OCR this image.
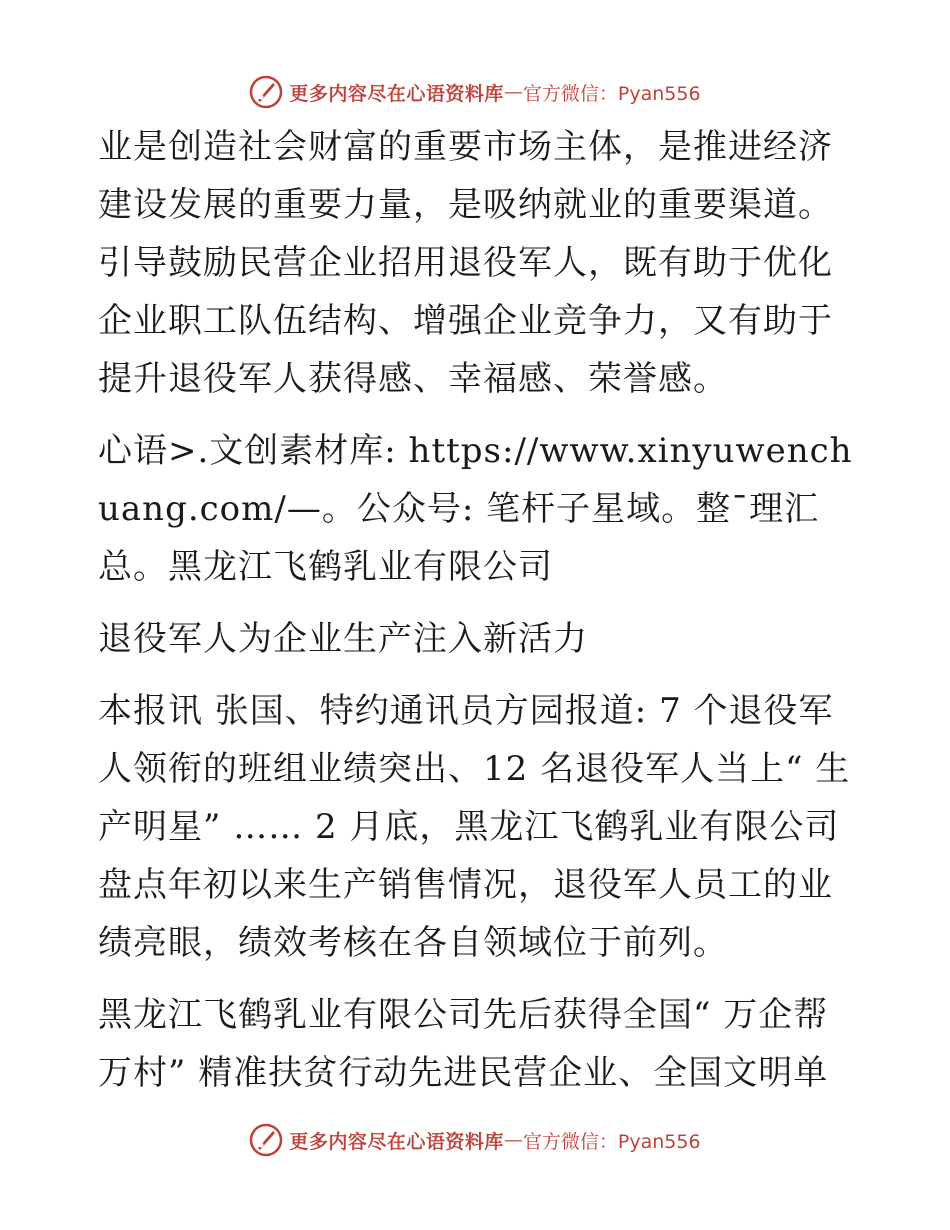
更多内容尽在心语资料库 — 官方微信：Pyan556

业是创造社会财富的重要市场主体，是推进经济建设发展的重要力量，是吸纳就业的重要渠道。引导鼓励民营企业招用退役军人，既有助于优化企业职工队伍结构、增强企业竞争力，又有助于提升退役军人获得感、幸福感、荣誉感。

心语>.文创素材库: https://www.xinyuwenchuang.com/—。公众号: 笔杆子星域。整¯理汇总。黑龙江飞鹤乳业有限公司

退役军人为企业生产注入新活力

本报讯 张国、特约通讯员方园报道: 7 个退役军人领衔的班组业绩突出、12 名退役军人当上“ 生产明星” …… 2 月底，黑龙江飞鹤乳业有限公司盘点年初以来生产销售情况，退役军人员工的业绩亮眼，绩效考核在各自领域位于前列。

黑龙江飞鹤乳业有限公司先后获得全国“ 万企帮万村” 精准扶贫行动先进民营企业、全国文明单

更多内容尽在心语资料库 — 官方微信：Pyan556
